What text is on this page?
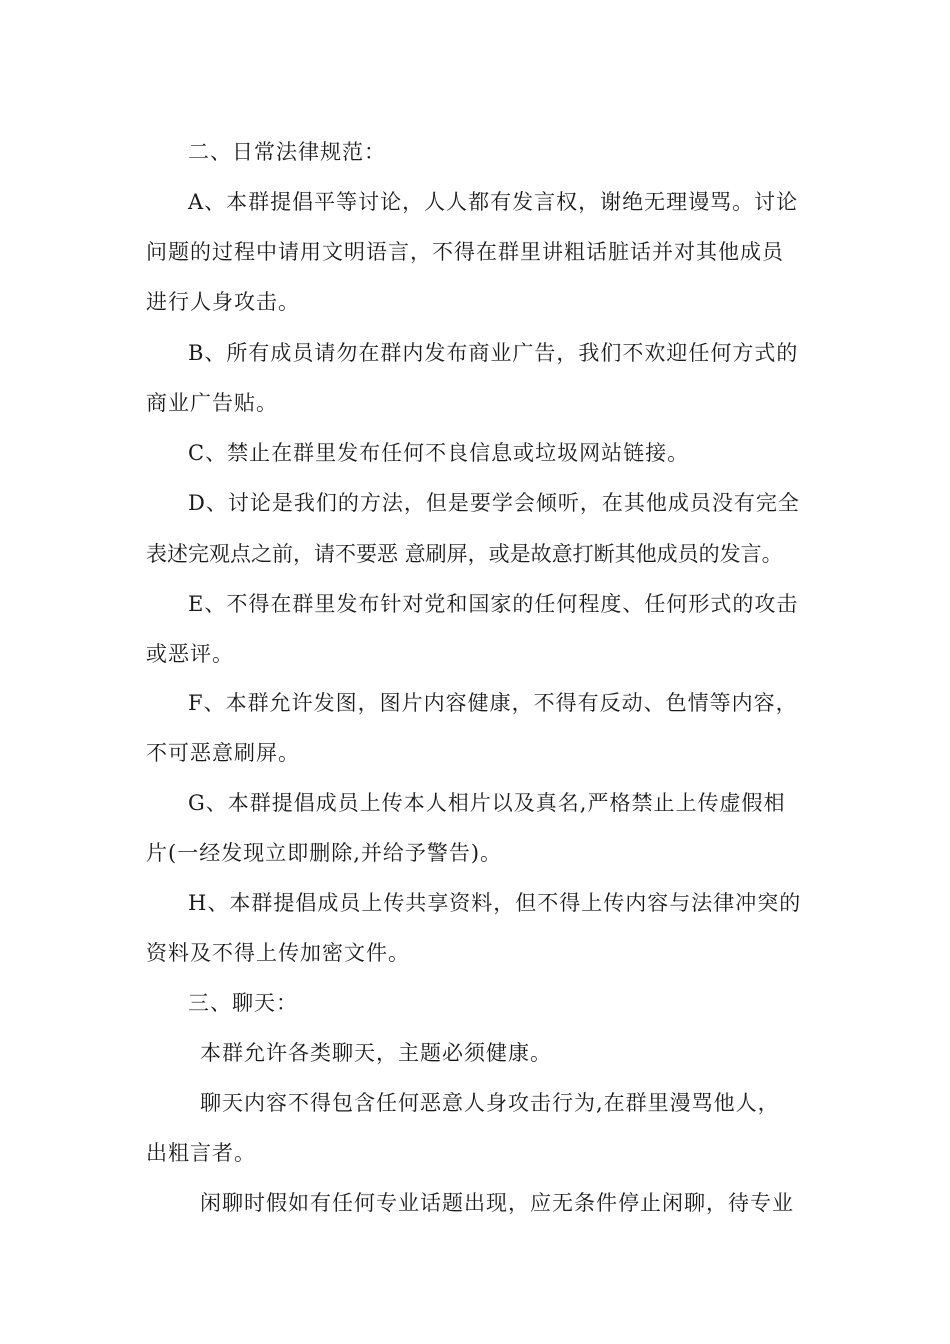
二、日常法律规范：
A、本群提倡平等讨论，人人都有发言权，谢绝无理谩骂。讨论
问题的过程中请用文明语言，不得在群里讲粗话脏话并对其他成员
进行人身攻击。
B、所有成员请勿在群内发布商业广告，我们不欢迎任何方式的
商业广告贴。
C、禁止在群里发布任何不良信息或垃圾网站链接。
D、讨论是我们的方法，但是要学会倾听，在其他成员没有完全
表述完观点之前，请不要恶 意刷屏，或是故意打断其他成员的发言。
E、不得在群里发布针对党和国家的任何程度、任何形式的攻击
或恶评。
F、本群允许发图，图片内容健康，不得有反动、色情等内容，
不可恶意刷屏。
G、本群提倡成员上传本人相片以及真名,严格禁止上传虚假相
片(一经发现立即删除,并给予警告)。
H、本群提倡成员上传共享资料，但不得上传内容与法律冲突的
资料及不得上传加密文件。
三、聊天：
本群允许各类聊天，主题必须健康。
聊天内容不得包含任何恶意人身攻击行为,在群里漫骂他人，
出粗言者。
闲聊时假如有任何专业话题出现，应无条件停止闲聊，待专业
